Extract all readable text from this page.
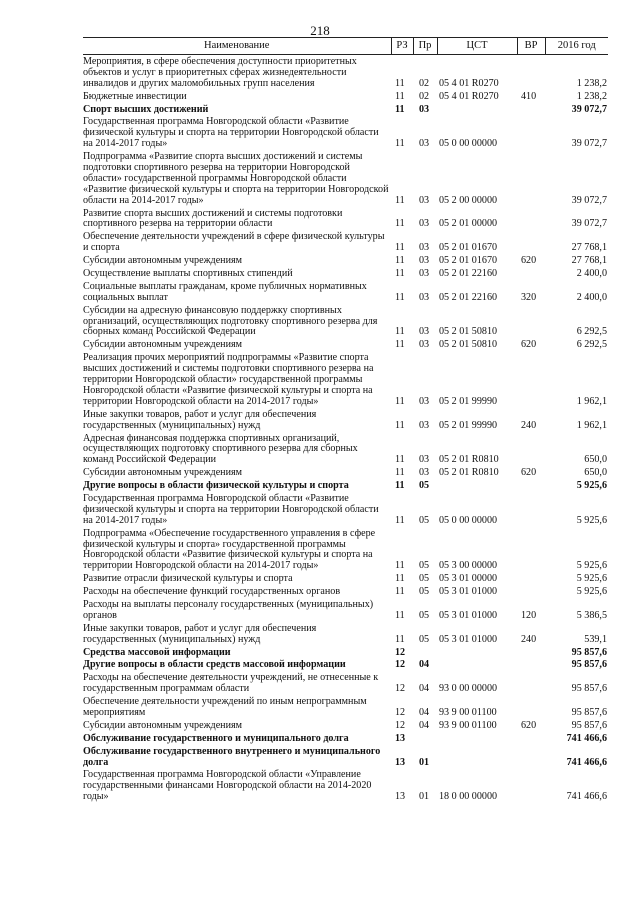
218
Наименование	РЗ	Пр	ЦСТ	ВР	2016 год
Мероприятия, в сфере обеспечения доступности приоритетных объектов и услуг в приоритетных сферах жизнедеятельности инвалидов и других маломобильных групп населения	11	02	05 4 01 R0270		1 238,2
Бюджетные инвестиции	11	02	05 4 01 R0270	410	1 238,2
Спорт высших достижений	11	03			39 072,7
Государственная программа Новгородской области «Развитие физической культуры и спорта на территории Новгородской области на 2014-2017 годы»	11	03	05 0 00 00000		39 072,7
Подпрограмма «Развитие спорта высших достижений и системы подготовки спортивного резерва на территории Новгородской области» государственной программы Новгородской области «Развитие физической культуры и спорта на территории Новгородской области на 2014-2017 годы»	11	03	05 2 00 00000		39 072,7
Развитие спорта высших достижений и системы подготовки спортивного резерва на территории области	11	03	05 2 01 00000		39 072,7
Обеспечение деятельности учреждений в сфере физической культуры и спорта	11	03	05 2 01 01670		27 768,1
Субсидии автономным учреждениям	11	03	05 2 01 01670	620	27 768,1
Осуществление выплаты спортивных стипендий	11	03	05 2 01 22160		2 400,0
Социальные выплаты гражданам, кроме публичных нормативных социальных выплат	11	03	05 2 01 22160	320	2 400,0
Субсидии на адресную финансовую поддержку спортивных организаций, осуществляющих подготовку спортивного резерва для сборных команд Российской Федерации	11	03	05 2 01 50810		6 292,5
Субсидии автономным учреждениям	11	03	05 2 01 50810	620	6 292,5
Реализация прочих мероприятий подпрограммы «Развитие спорта высших достижений и системы подготовки спортивного резерва на территории Новгородской области» государственной программы Новгородской области «Развитие физической культуры и спорта на территории Новгородской области на 2014-2017 годы»	11	03	05 2 01 99990		1 962,1
Иные закупки товаров, работ и услуг для обеспечения государственных (муниципальных) нужд	11	03	05 2 01 99990	240	1 962,1
Адресная финансовая поддержка спортивных организаций, осуществляющих подготовку спортивного резерва для сборных команд Российской Федерации	11	03	05 2 01 R0810		650,0
Субсидии автономным учреждениям	11	03	05 2 01 R0810	620	650,0
Другие вопросы в области физической культуры и спорта	11	05			5 925,6
Государственная программа Новгородской области «Развитие физической культуры и спорта на территории Новгородской области на 2014-2017 годы»	11	05	05 0 00 00000		5 925,6
Подпрограмма «Обеспечение государственного управления в сфере физической культуры и спорта» государственной программы Новгородской области «Развитие физической культуры и спорта на территории Новгородской области на 2014-2017 годы»	11	05	05 3 00 00000		5 925,6
Развитие отрасли физической культуры и спорта	11	05	05 3 01 00000		5 925,6
Расходы на обеспечение функций государственных органов	11	05	05 3 01 01000		5 925,6
Расходы на выплаты персоналу государственных (муниципальных) органов	11	05	05 3 01 01000	120	5 386,5
Иные закупки товаров, работ и услуг для обеспечения государственных (муниципальных) нужд	11	05	05 3 01 01000	240	539,1
Средства массовой информации	12				95 857,6
Другие вопросы в области средств массовой информации	12	04			95 857,6
Расходы на обеспечение деятельности учреждений, не отнесенные к государственным программам области	12	04	93 0 00 00000		95 857,6
Обеспечение деятельности учреждений по иным непрограммным мероприятиям	12	04	93 9 00 01100		95 857,6
Субсидии автономным учреждениям	12	04	93 9 00 01100	620	95 857,6
Обслуживание государственного и муниципального долга	13				741 466,6
Обслуживание государственного внутреннего и муниципального долга	13	01			741 466,6
Государственная программа Новгородской области «Управление государственными финансами Новгородской области на 2014-2020 годы»	13	01	18 0 00 00000		741 466,6
